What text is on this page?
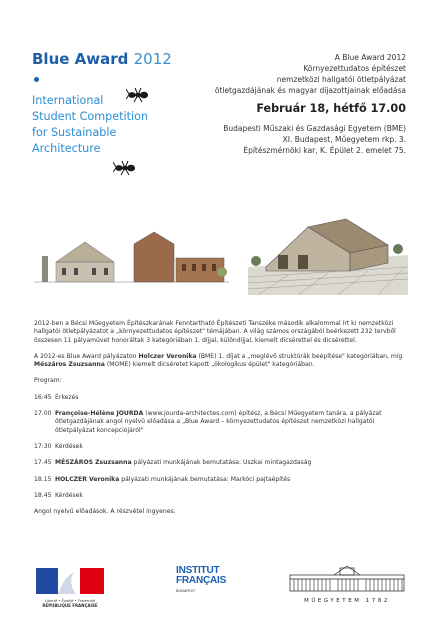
Blue Award 2012
International
Student Competition
for Sustainable
Architecture
A Blue Award 2012
Környezettudatos építészet
nemzetközi hallgatói ötletpályázat
ötletgazdájának és magyar díjazottjainak előadása
Február 18, hétfő 17.00
Budapesti Műszaki és Gazdasági Egyetem (BME)
XI. Budapest, Műegyetem rkp. 3.
Építészmérnöki kar, K. Épület 2. emelet 75.

2012-ben a Bécsi Műegyetem Építészkarának Fenntartható Építészeti Tanszéke második alkalommal írt ki nemzetközi hallgatói ötletpályázatot a „környezettudatos építészet" témájában. A világ számos országából beérkezett 232 tervből összesen 11 pályaművet honoráltak 3 kategóriában 1. díjjal, különdíjjal, kiemelt dicsérettel és dicsérettel.

A 2012-es Blue Award pályázaton Holczer Veronika (BME) 1. díjat a „meglévő struktúrák beépítése" kategóriában, míg Mészáros Zsuzsanna (MOME) kiemelt dicséretet kapott „ökologikus épület" kategóriában.

Program:

16:45 Érkezés
17.00 Françoise-Hélène JOURDA (www.jourda-architectes.com) építész, a Bécsi Műegyetem tanára, a pályázat ötletgazdájának angol nyelvű előadása a „Blue Award – környezettudatos építészet nemzetközi hallgatói ötletpályázat koncepciójáról"
17:30 Kérdések
17.45 MÉSZÁROS Zsuzsanna pályázati munkájának bemutatása: Uszkai mintagazdaság
18.15 HOLCZER Veronika pályázati munkájának bemutatása: Markóci pajtaépítés
18.45 Kérdések

Angol nyelvű előadások. A részvétel ingyenes.

Liberté • Égalité • Fraternité
RÉPUBLIQUE FRANÇAISE
INSTITUT
FRANÇAIS
BUDAPEST
MŰEGYETEM 1782
